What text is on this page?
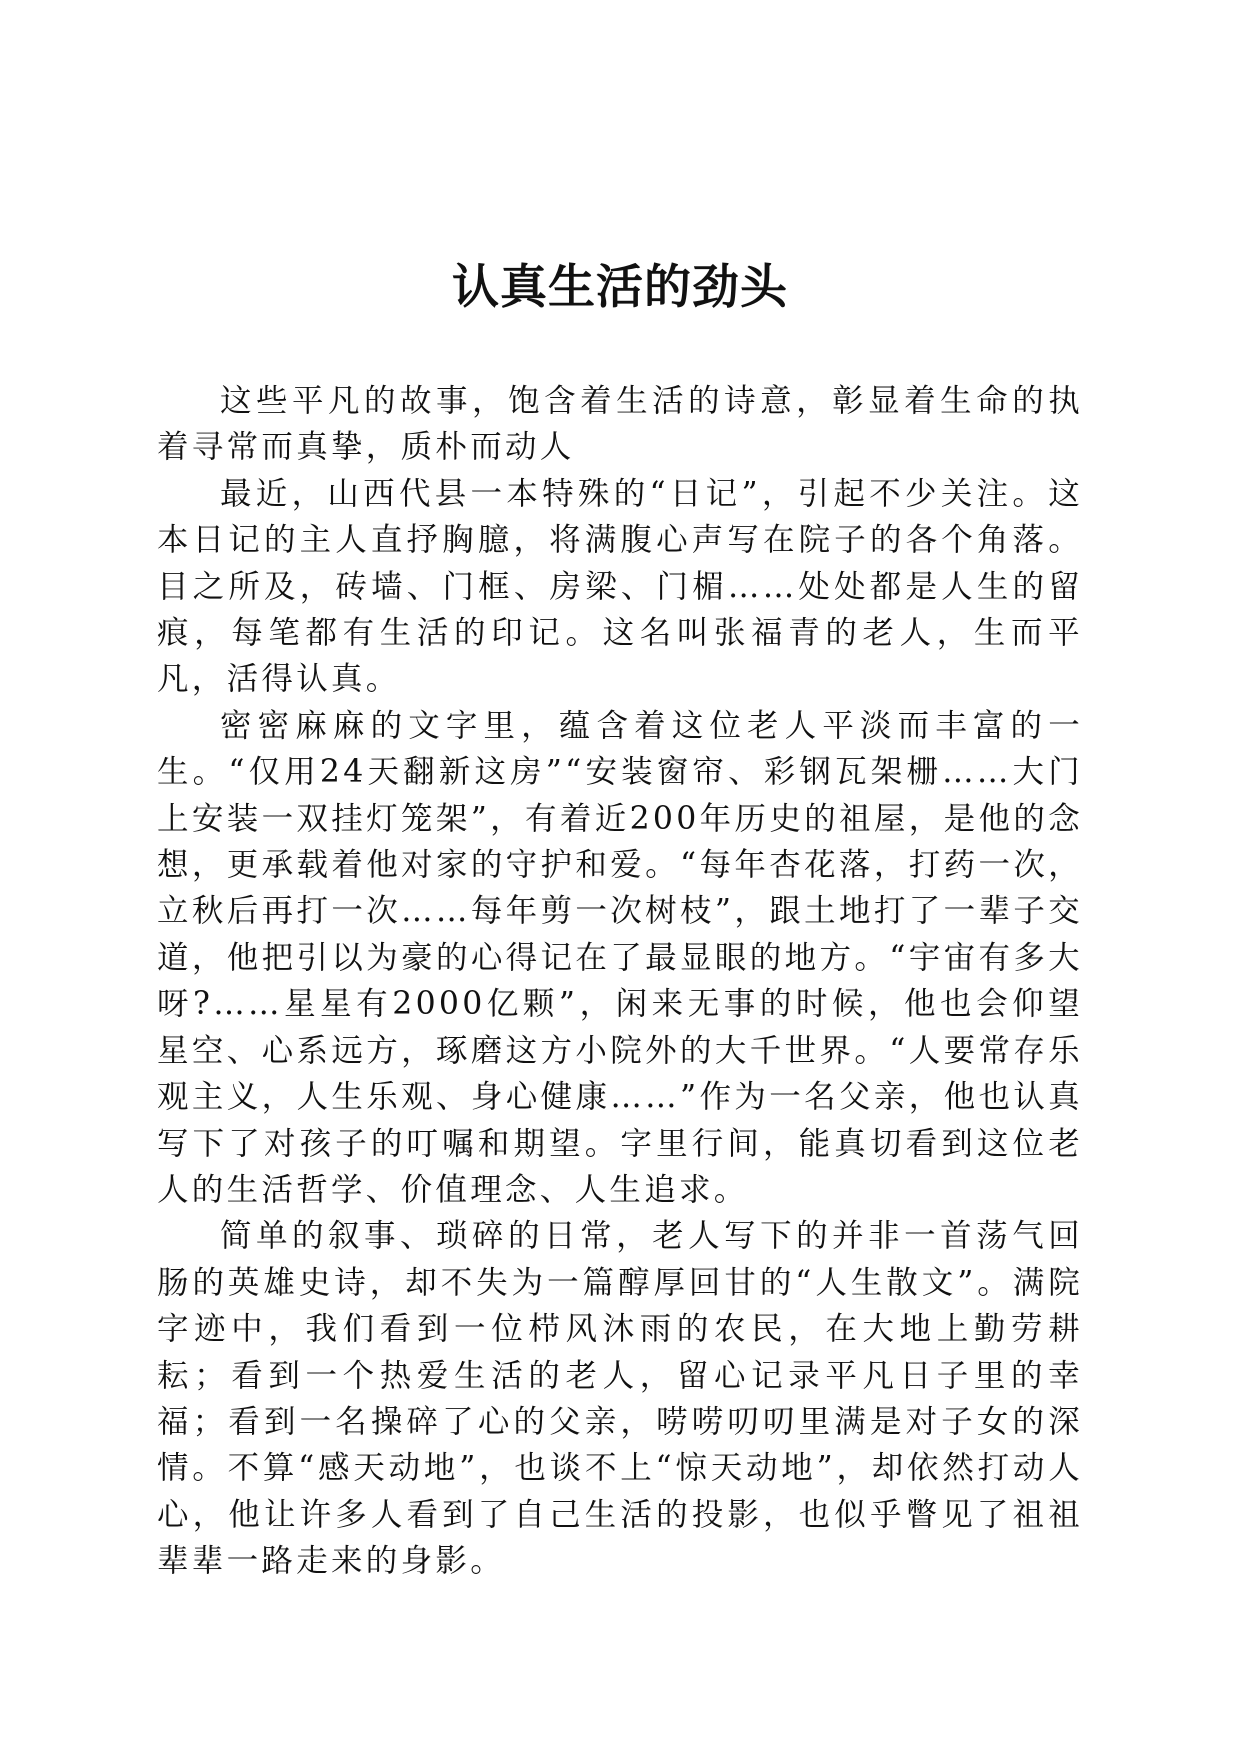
认真生活的劲头

这些平凡的故事，饱含着生活的诗意，彰显着生命的执着寻常而真挚，质朴而动人

最近，山西代县一本特殊的“日记”，引起不少关注。这本日记的主人直抒胸臆，将满腹心声写在院子的各个角落。目之所及，砖墙、门框、房梁、门楣……处处都是人生的留痕，每笔都有生活的印记。这名叫张福青的老人，生而平凡，活得认真。

密密麻麻的文字里，蕴含着这位老人平淡而丰富的一生。“仅用24天翻新这房”“安装窗帘、彩钢瓦架栅……大门上安装一双挂灯笼架”，有着近200年历史的祖屋，是他的念想，更承载着他对家的守护和爱。“每年杏花落，打药一次，立秋后再打一次……每年剪一次树枝”，跟土地打了一辈子交道，他把引以为豪的心得记在了最显眼的地方。“宇宙有多大呀?……星星有2000亿颗”，闲来无事的时候，他也会仰望星空、心系远方，琢磨这方小院外的大千世界。“人要常存乐观主义，人生乐观、身心健康……”作为一名父亲，他也认真写下了对孩子的叮嘱和期望。字里行间，能真切看到这位老人的生活哲学、价值理念、人生追求。

简单的叙事、琐碎的日常，老人写下的并非一首荡气回肠的英雄史诗，却不失为一篇醇厚回甘的“人生散文”。满院字迹中，我们看到一位栉风沐雨的农民，在大地上勤劳耕耘；看到一个热爱生活的老人，留心记录平凡日子里的幸福；看到一名操碎了心的父亲，唠唠叨叨里满是对子女的深情。不算“感天动地”，也谈不上“惊天动地”，却依然打动人心，他让许多人看到了自己生活的投影，也似乎瞥见了祖祖辈辈一路走来的身影。
